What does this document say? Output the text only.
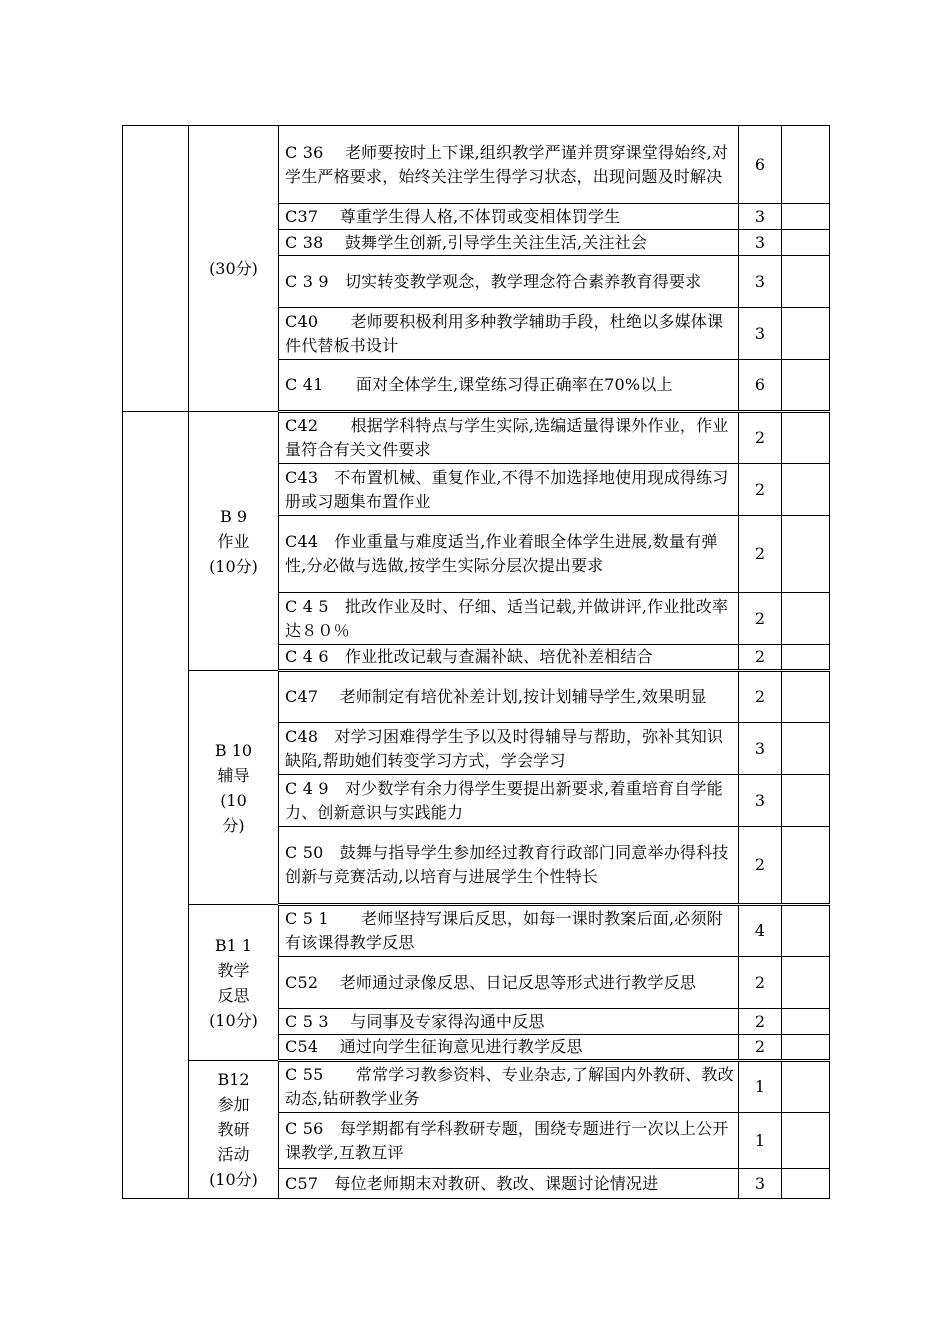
	(30分)	C 36　 老师要按时上下课,组织教学严谨并贯穿课堂得始终,对学生严格要求，始终关注学生得学习状态，出现问题及时解决	6	
		C37　 尊重学生得人格,不体罚或变相体罚学生	3	
		C 38　 鼓舞学生创新,引导学生关注生活,关注社会	3	
		C 3 9　切实转变教学观念，教学理念符合素养教育得要求	3	
		C40　　老师要积极利用多种教学辅助手段，杜绝以多媒体课件代替板书设计	3	
		C 41　　面对全体学生,课堂练习得正确率在70%以上	6	
	B 9
作业
(10分)	C42　　根据学科特点与学生实际,选编适量得课外作业，作业量符合有关文件要求	2	
		C43　不布置机械、重复作业,不得不加选择地使用现成得练习册或习题集布置作业	2	
		C44　作业重量与难度适当,作业着眼全体学生进展,数量有弹性,分必做与选做,按学生实际分层次提出要求	2	
		C 4 5　批改作业及时、仔细、适当记载,并做讲评,作业批改率达８０％	2	
		C 4 6　作业批改记载与查漏补缺、培优补差相结合	2	
	B 10
辅导
(10
分)	C47　 老师制定有培优补差计划,按计划辅导学生,效果明显	2	
		C48　对学习困难得学生予以及时得辅导与帮助，弥补其知识缺陷,帮助她们转变学习方式，学会学习	3	
		C 4 9　对少数学有余力得学生要提出新要求,着重培育自学能力、创新意识与实践能力	3	
		C 50　鼓舞与指导学生参加经过教育行政部门同意举办得科技创新与竞赛活动,以培育与进展学生个性特长	2	
	B1 1
教学
反思
(10分)	C 5 1　　老师坚持写课后反思，如每一课时教案后面,必须附有该课得教学反思	4	
		C52　 老师通过录像反思、日记反思等形式进行教学反思	2	
		C 5 3　 与同事及专家得沟通中反思	2	
		C54　 通过向学生征询意见进行教学反思	2	
	B12
参加
教研
活动
(10分)	C 55　　常常学习教参资料、专业杂志,了解国内外教研、教改动态,钻研教学业务	1	
		C 56　每学期都有学科教研专题，围绕专题进行一次以上公开课教学,互教互评	1	
		C57　每位老师期末对教研、教改、课题讨论情况进	3	
